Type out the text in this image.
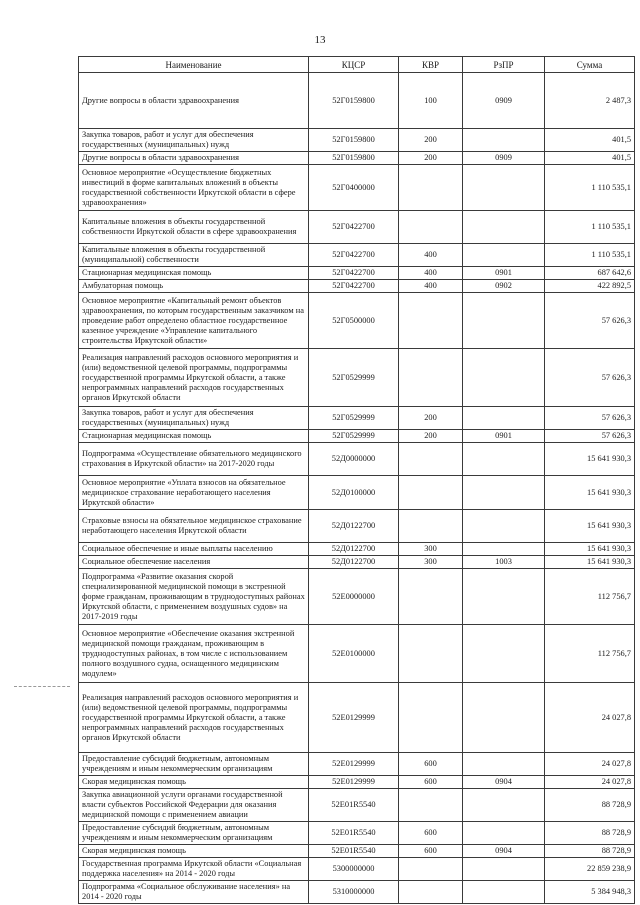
13
Наименование	КЦСР	КВР	РзПР	Сумма
Другие вопросы в области здравоохранения	52Г0159800	100	0909	2 487,3
Закупка товаров, работ и услуг для обеспечения государственных (муниципальных) нужд	52Г0159800	200		401,5
Другие вопросы в области здравоохранения	52Г0159800	200	0909	401,5
Основное мероприятие «Осуществление бюджетных инвестиций в форме капитальных вложений в объекты государственной собственности Иркутской области в сфере здравоохранения»	52Г0400000			1 110 535,1
Капитальные вложения в объекты государственной собственности Иркутской области в сфере здравоохранения	52Г0422700			1 110 535,1
Капитальные вложения в объекты государственной (муниципальной) собственности	52Г0422700	400		1 110 535,1
Стационарная медицинская помощь	52Г0422700	400	0901	687 642,6
Амбулаторная помощь	52Г0422700	400	0902	422 892,5
Основное мероприятие «Капитальный ремонт объектов здравоохранения, по которым государственным заказчиком на проведение работ определено областное государственное казенное учреждение «Управление капитального строительства Иркутской области»	52Г0500000			57 626,3
Реализация направлений расходов основного мероприятия и (или) ведомственной целевой программы, подпрограммы государственной программы Иркутской области, а также непрограммных направлений расходов государственных органов Иркутской области	52Г0529999			57 626,3
Закупка товаров, работ и услуг для обеспечения государственных (муниципальных) нужд	52Г0529999	200		57 626,3
Стационарная медицинская помощь	52Г0529999	200	0901	57 626,3
Подпрограмма «Осуществление обязательного медицинского страхования в Иркутской области» на 2017-2020 годы	52Д0000000			15 641 930,3
Основное мероприятие «Уплата взносов на обязательное медицинское страхование неработающего населения Иркутской области»	52Д0100000			15 641 930,3
Страховые взносы на обязательное медицинское страхование неработающего населения Иркутской области	52Д0122700			15 641 930,3
Социальное обеспечение и иные выплаты населению	52Д0122700	300		15 641 930,3
Социальное обеспечение населения	52Д0122700	300	1003	15 641 930,3
Подпрограмма «Развитие оказания скорой специализированной медицинской помощи в экстренной форме гражданам, проживающим в труднодоступных районах Иркутской области, с применением воздушных судов» на 2017-2019 годы	52Е0000000			112 756,7
Основное мероприятие «Обеспечение оказания экстренной медицинской помощи гражданам, проживающим в труднодоступных районах, в том числе с использованием полного воздушного судна, оснащенного медицинским модулем»	52Е0100000			112 756,7
Реализация направлений расходов основного мероприятия и (или) ведомственной целевой программы, подпрограммы государственной программы Иркутской области, а также непрограммных направлений расходов государственных органов Иркутской области	52Е0129999			24 027,8
Предоставление субсидий бюджетным, автономным учреждениям и иным некоммерческим организациям	52Е0129999	600		24 027,8
Скорая медицинская помощь	52Е0129999	600	0904	24 027,8
Закупка авиационной услуги органами государственной власти субъектов Российской Федерации для оказания медицинской помощи с применением авиации	52Е01R5540			88 728,9
Предоставление субсидий бюджетным, автономным учреждениям и иным некоммерческим организациям	52Е01R5540	600		88 728,9
Скорая медицинская помощь	52Е01R5540	600	0904	88 728,9
Государственная программа Иркутской области «Социальная поддержка населения» на 2014 - 2020 годы	5300000000			22 859 238,9
Подпрограмма «Социальное обслуживание населения» на 2014 - 2020 годы	5310000000			5 384 948,3
